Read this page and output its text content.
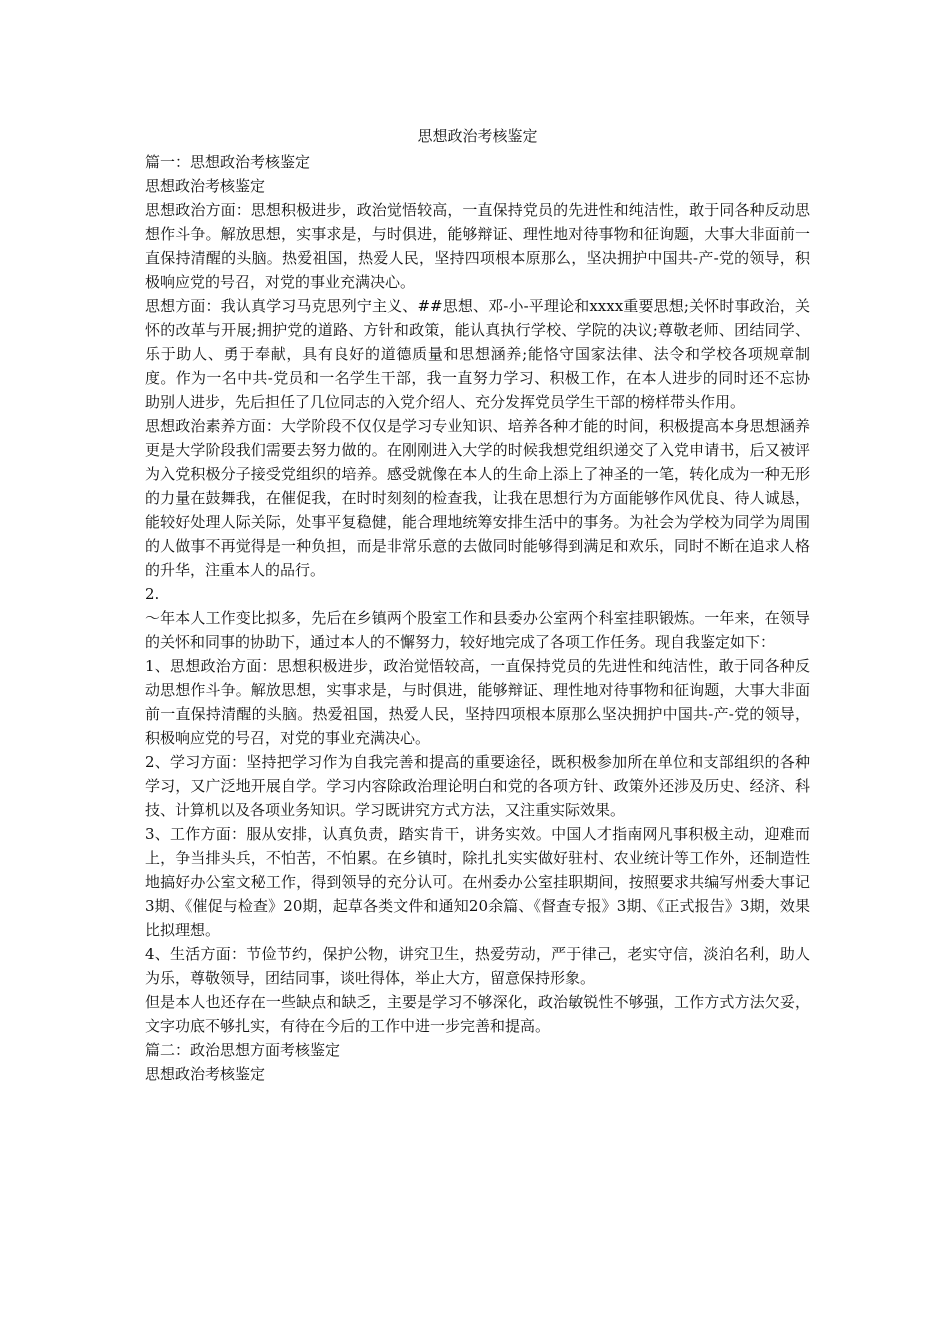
思想政治考核鉴定

篇一：思想政治考核鉴定

思想政治考核鉴定

思想政治方面：思想积极进步，政治觉悟较高，一直保持党员的先进性和纯洁性，敢于同各种反动思想作斗争。解放思想，实事求是，与时俱进，能够辩证、理性地对待事物和征询题，大事大非面前一直保持清醒的头脑。热爱祖国，热爱人民，坚持四项根本原那么，坚决拥护中国共-产-党的领导，积极响应党的号召，对党的事业充满决心。

思想方面：我认真学习马克思列宁主义、##思想、邓-小-平理论和xxxx重要思想;关怀时事政治，关怀的改革与开展;拥护党的道路、方针和政策，能认真执行学校、学院的决议;尊敬老师、团结同学、乐于助人、勇于奉献，具有良好的道德质量和思想涵养;能恪守国家法律、法令和学校各项规章制度。作为一名中共-党员和一名学生干部，我一直努力学习、积极工作，在本人进步的同时还不忘协助别人进步，先后担任了几位同志的入党介绍人、充分发挥党员学生干部的榜样带头作用。

思想政治素养方面：大学阶段不仅仅是学习专业知识、培养各种才能的时间，积极提高本身思想涵养更是大学阶段我们需要去努力做的。在刚刚进入大学的时候我想党组织递交了入党申请书，后又被评为入党积极分子接受党组织的培养。感受就像在本人的生命上添上了神圣的一笔，转化成为一种无形的力量在鼓舞我，在催促我，在时时刻刻的检查我，让我在思想行为方面能够作风优良、待人诚恳，能较好处理人际关际，处事平复稳健，能合理地统筹安排生活中的事务。为社会为学校为同学为周围的人做事不再觉得是一种负担，而是非常乐意的去做同时能够得到满足和欢乐，同时不断在追求人格的升华，注重本人的品行。

2.

～年本人工作变比拟多，先后在乡镇两个股室工作和县委办公室两个科室挂职锻炼。一年来，在领导的关怀和同事的协助下，通过本人的不懈努力，较好地完成了各项工作任务。现自我鉴定如下：

1、思想政治方面：思想积极进步，政治觉悟较高，一直保持党员的先进性和纯洁性，敢于同各种反动思想作斗争。解放思想，实事求是，与时俱进，能够辩证、理性地对待事物和征询题，大事大非面前一直保持清醒的头脑。热爱祖国，热爱人民，坚持四项根本原那么坚决拥护中国共-产-党的领导，积极响应党的号召，对党的事业充满决心。

2、学习方面：坚持把学习作为自我完善和提高的重要途径，既积极参加所在单位和支部组织的各种学习，又广泛地开展自学。学习内容除政治理论明白和党的各项方针、政策外还涉及历史、经济、科技、计算机以及各项业务知识。学习既讲究方式方法，又注重实际效果。

3、工作方面：服从安排，认真负责，踏实肯干，讲务实效。中国人才指南网凡事积极主动，迎难而上，争当排头兵，不怕苦，不怕累。在乡镇时，除扎扎实实做好驻村、农业统计等工作外，还制造性地搞好办公室文秘工作，得到领导的充分认可。在州委办公室挂职期间，按照要求共编写州委大事记3期、《催促与检查》20期，起草各类文件和通知20余篇、《督查专报》3期、《正式报告》3期，效果比拟理想。

4、生活方面：节俭节约，保护公物，讲究卫生，热爱劳动，严于律己，老实守信，淡泊名利，助人为乐，尊敬领导，团结同事，谈吐得体，举止大方，留意保持形象。

但是本人也还存在一些缺点和缺乏，主要是学习不够深化，政治敏锐性不够强，工作方式方法欠妥，文字功底不够扎实，有待在今后的工作中进一步完善和提高。

篇二：政治思想方面考核鉴定

思想政治考核鉴定
